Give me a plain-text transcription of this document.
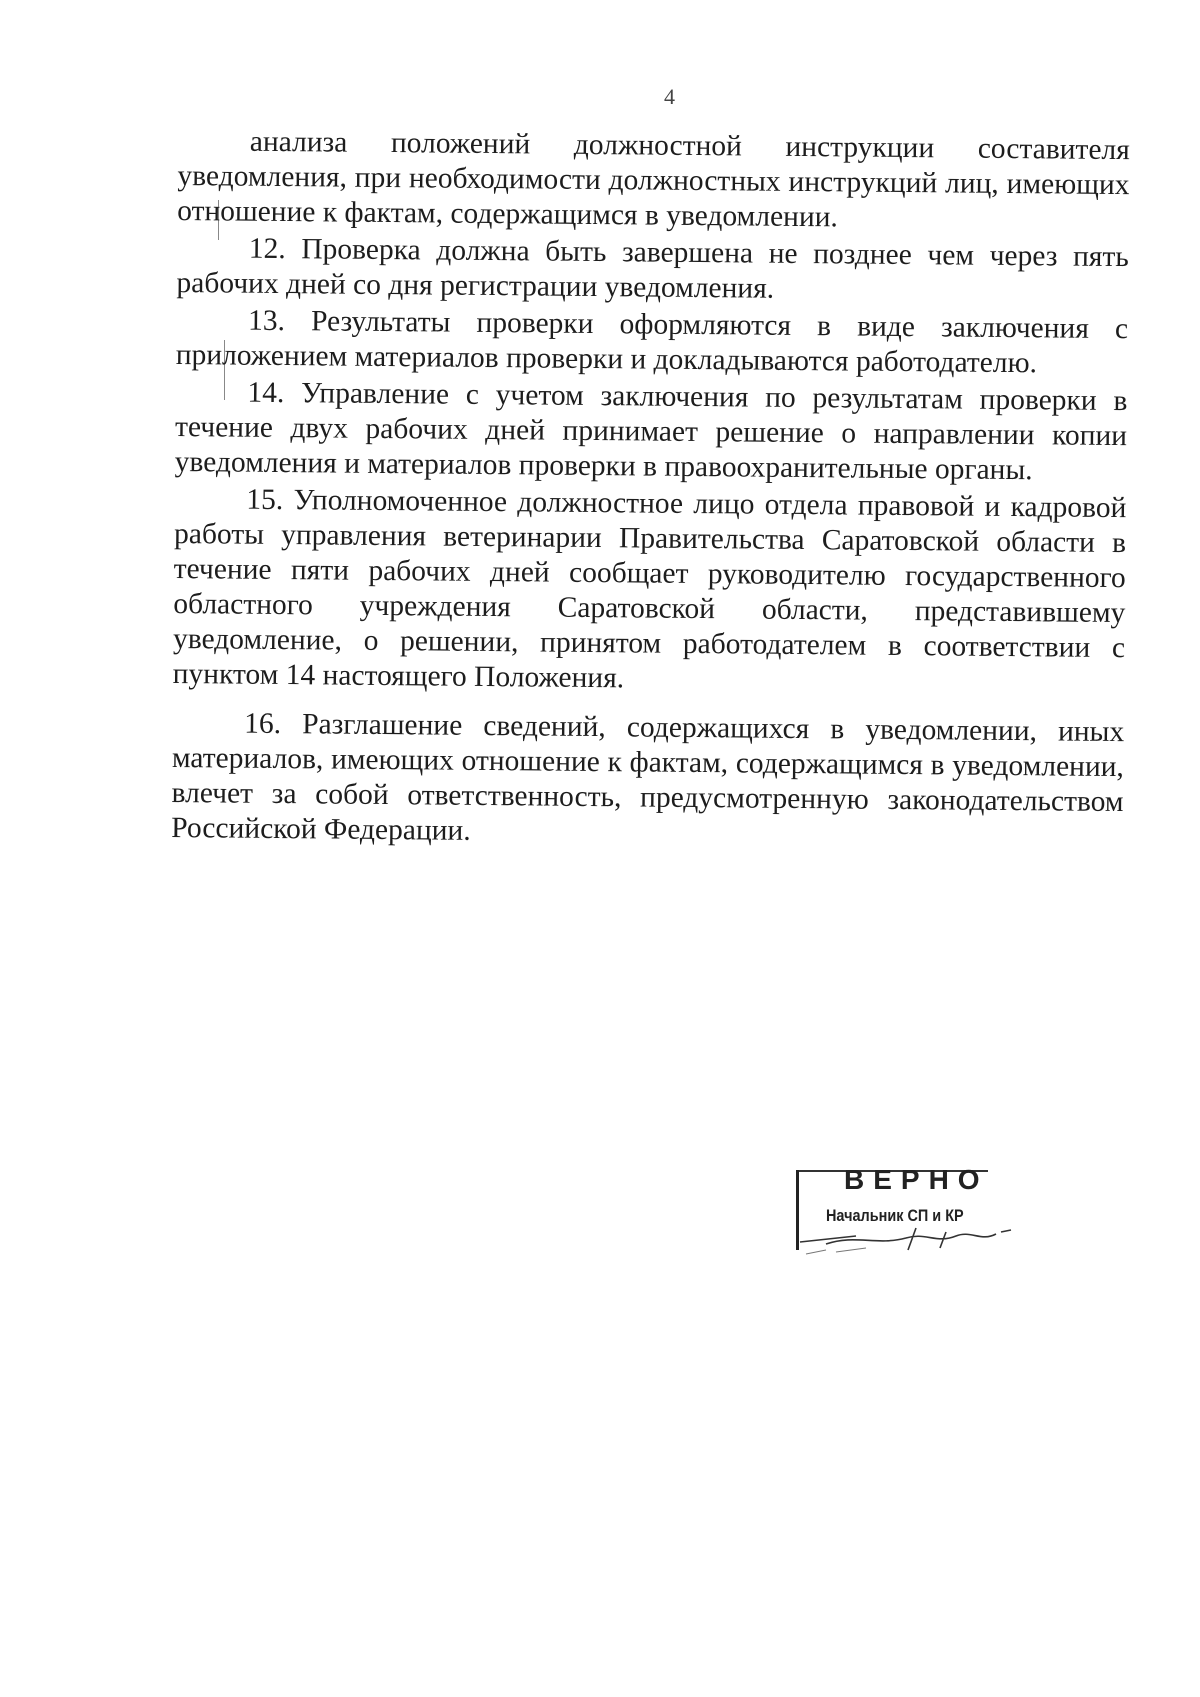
4

анализа положений должностной инструкции составителя уведомления, при необходимости должностных инструкций лиц, имеющих отношение к фактам, содержащимся в уведомлении.

12. Проверка должна быть завершена не позднее чем через пять рабочих дней со дня регистрации уведомления.

13. Результаты проверки оформляются в виде заключения с приложением материалов проверки и докладываются работодателю.

14. Управление с учетом заключения по результатам проверки в течение двух рабочих дней принимает решение о направлении копии уведомления и материалов проверки в правоохранительные органы.

15. Уполномоченное должностное лицо отдела правовой и кадровой работы управления ветеринарии Правительства Саратовской области в течение пяти рабочих дней сообщает руководителю государственного областного учреждения Саратовской области, представившему уведомление, о решении, принятом работодателем в соответствии с пунктом 14 настоящего Положения.

16. Разглашение сведений, содержащихся в уведомлении, иных материалов, имеющих отношение к фактам, содержащимся в уведомлении, влечет за собой ответственность, предусмотренную законодательством Российской Федерации.

ВЕРНО
Начальник СП и КР
